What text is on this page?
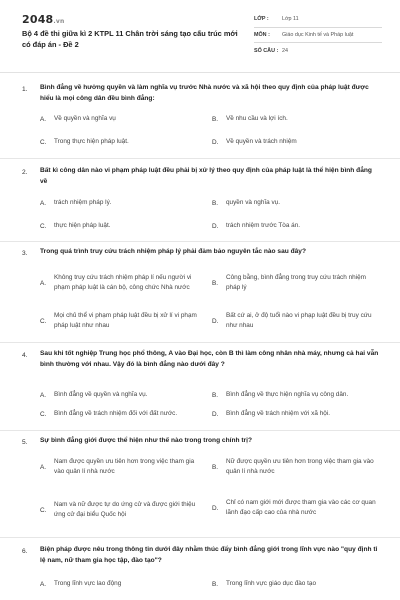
2048.vn
Bộ 4 đề thi giữa kì 2 KTPL 11 Chân trời sáng tạo cấu trúc mới có đáp án - Đề 2
LỚP :	Lớp 11
MÔN :	Giáo dục Kinh tế và Pháp luật
SỐ CÂU : 24
1. Bình đẳng về hưởng quyền và làm nghĩa vụ trước Nhà nước và xã hội theo quy định của pháp luật được hiểu là mọi công dân đều bình đẳng:
A.	Về quyền và nghĩa vụ	B.	Về nhu cầu và lợi ích.
C.	Trong thực hiện pháp luật.	D.	Về quyền và trách nhiệm
2. Bất kì công dân nào vi phạm pháp luật đều phải bị xử lý theo quy định của pháp luật là thể hiện bình đẳng về
A.	trách nhiệm pháp lý.	B.	quyền và nghĩa vụ.
C.	thực hiện pháp luật.	D.	trách nhiệm trước Tòa án.
3. Trong quá trình truy cứu trách nhiệm pháp lý phải đảm bảo nguyên tắc nào sau đây?
A.
Không truy cứu trách nhiệm pháp lí nếu người vi phạm pháp luật là cán bộ, công chức Nhà nước
B.
Công bằng, bình đẳng trong truy cứu trách nhiệm pháp lý
C.
Mọi chủ thể vi phạm pháp luật đều bị xử lí vi phạm pháp luật như nhau
D.
Bất cứ ai, ở độ tuổi nào vi phạp luật đều bị truy cứu như nhau
4. Sau khi tốt nghiệp Trung học phổ thông, A vào Đại học, còn B thì làm công nhân nhà máy, nhưng cả hai vẫn bình thường với nhau. Vậy đó là bình đẳng nào dưới đây ?
A.	Bình đẳng về quyền và nghĩa vụ.	B.	Bình đẳng về thực hiện nghĩa vụ công dân.
C.	Bình đẳng về trách nhiệm đối với đất nước.	D.	Bình đẳng về trách nhiệm với xã hội.
5. Sự bình đẳng giới được thể hiện như thế nào trong trong chính trị?
A.
Nam được quyền ưu tiên hơn trong việc tham gia vào quản lí nhà nước
B.
Nữ được quyền ưu tiên hơn trong việc tham gia vào quản lí nhà nước
C.
Nam và nữ được tự do ứng cử và được giới thiệu ứng cử đại biểu Quốc hội
D.
Chỉ có nam giới mới được tham gia vào các cơ quan lãnh đạo cấp cao của nhà nước
6. Biện pháp được nêu trong thông tin dưới đây nhằm thúc đẩy bình đẳng giới trong lĩnh vực nào "quy định tỉ lệ nam, nữ tham gia học tập, đào tạo"?
A.	Trong lĩnh vực lao động	B.	Trong lĩnh vực giáo dục đào tạo
